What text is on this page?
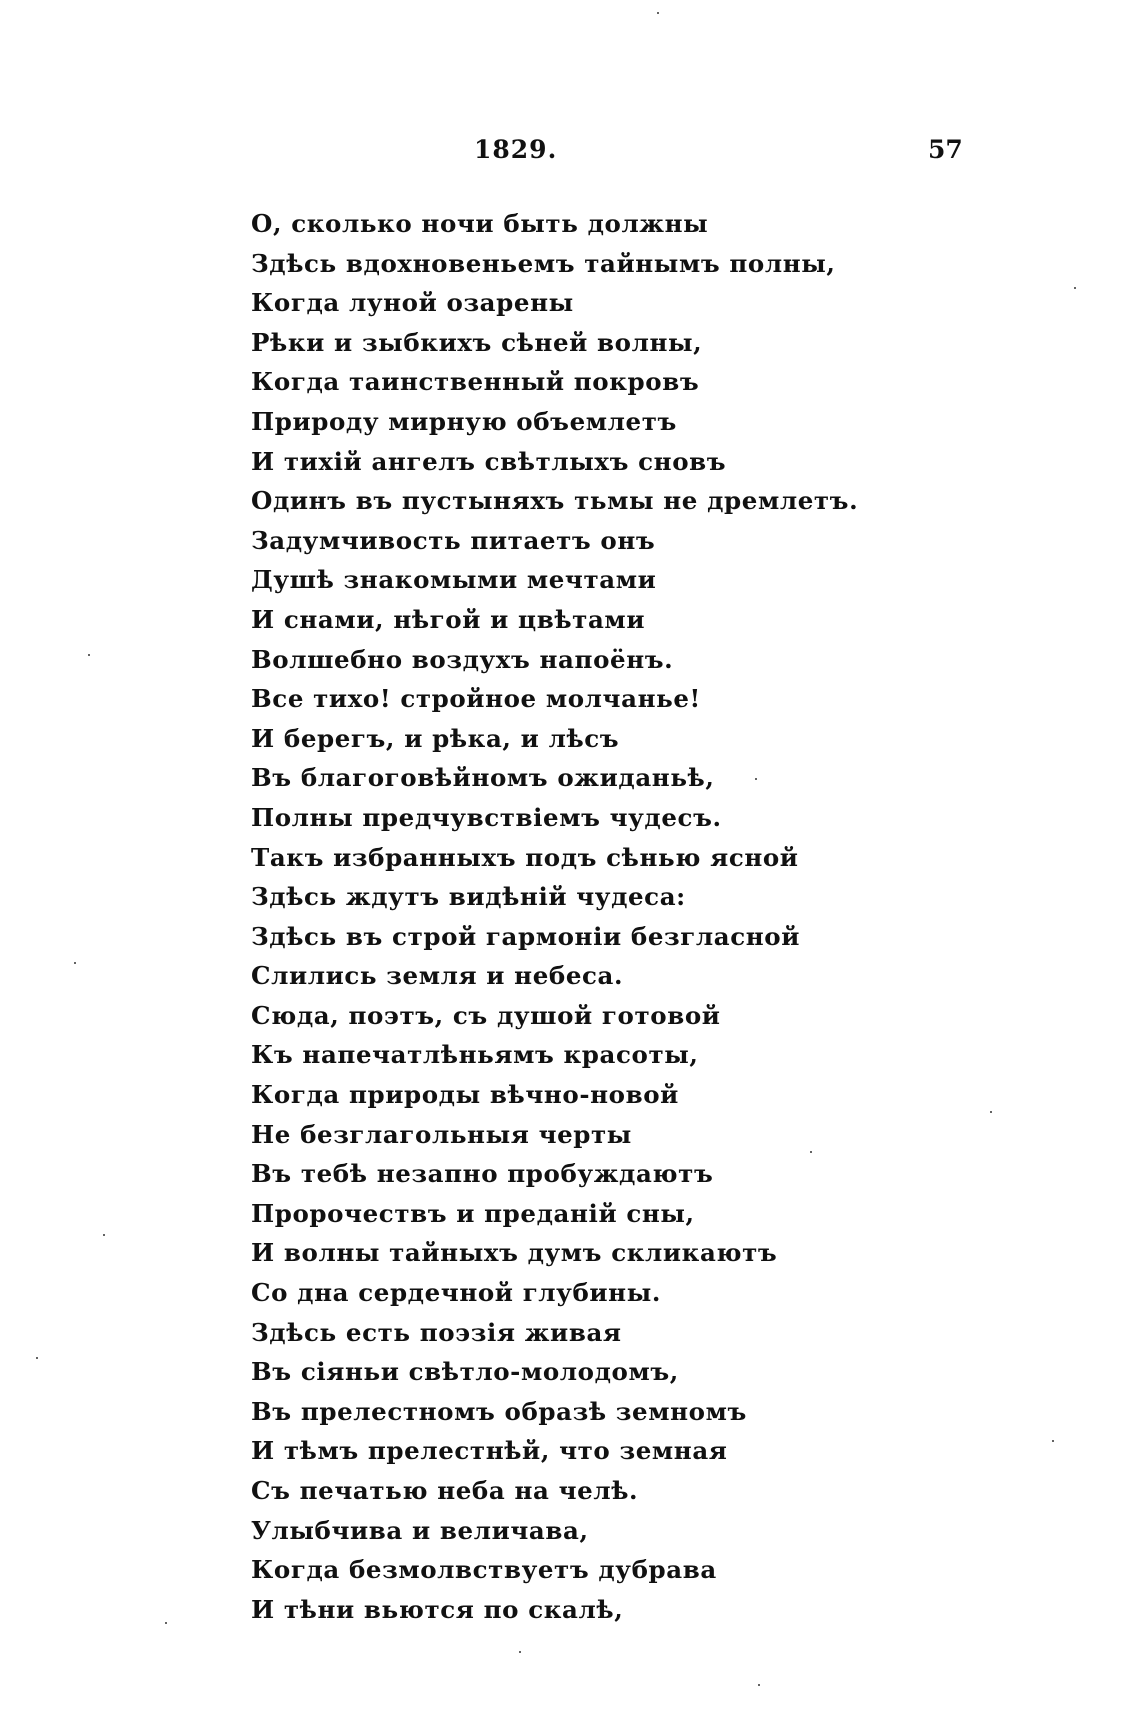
1829.	57
О, сколько ночи быть должны
Здѣсь вдохновеньемъ тайнымъ полны,
Когда луной озарены
Рѣки и зыбкихъ сѣней волны,
Когда таинственный покровъ
Природу мирную объемлетъ
И тихій ангелъ свѣтлыхъ сновъ
Одинъ въ пустыняхъ тьмы не дремлетъ.
Задумчивость питаетъ онъ
Душѣ знакомыми мечтами
И снами, нѣгой и цвѣтами
Волшебно воздухъ напоёнъ.
Все тихо! стройное молчанье!
И берегъ, и рѣка, и лѣсъ
Въ благоговѣйномъ ожиданьѣ,
Полны предчувствіемъ чудесъ.
Такъ избранныхъ подъ сѣнью ясной
Здѣсь ждутъ видѣній чудеса:
Здѣсь въ строй гармоніи безгласной
Слились земля и небеса.
Сюда, поэтъ, съ душой готовой
Къ напечатлѣньямъ красоты,
Когда природы вѣчно-новой
Не безглагольныя черты
Въ тебѣ незапно пробуждаютъ
Пророчествъ и преданій сны,
И волны тайныхъ думъ скликаютъ
Со дна сердечной глубины.
Здѣсь есть поэзія живая
Въ сіяньи свѣтло-молодомъ,
Въ прелестномъ образѣ земномъ
И тѣмъ прелестнѣй, что земная
Съ печатью неба на челѣ.
Улыбчива и величава,
Когда безмолвствуетъ дубрава
И тѣни вьются по скалѣ,
